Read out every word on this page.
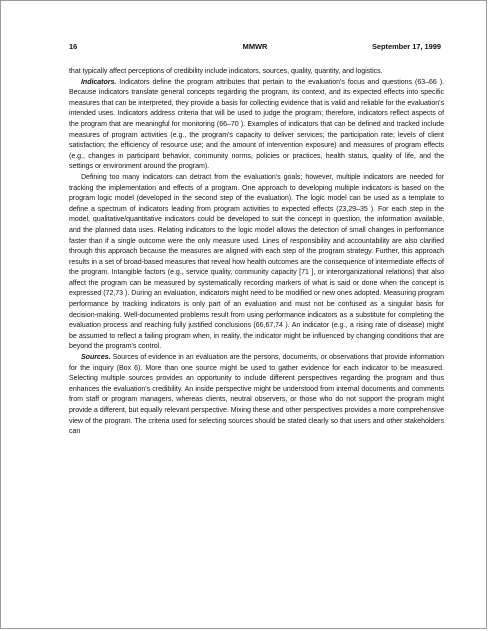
16	MMWR	September 17, 1999

that typically affect perceptions of credibility include indicators, sources, quality, quantity, and logistics.

Indicators. Indicators define the program attributes that pertain to the evaluation's focus and questions (63–66 ). Because indicators translate general concepts regarding the program, its context, and its expected effects into specific measures that can be interpreted, they provide a basis for collecting evidence that is valid and reliable for the evaluation's intended uses. Indicators address criteria that will be used to judge the program; therefore, indicators reflect aspects of the program that are meaningful for monitoring (66–70 ). Examples of indicators that can be defined and tracked include measures of program activities (e.g., the program's capacity to deliver services; the participation rate; levels of client satisfaction; the efficiency of resource use; and the amount of intervention exposure) and measures of program effects (e.g., changes in participant behavior, community norms, policies or practices, health status, quality of life, and the settings or environment around the program).

Defining too many indicators can detract from the evaluation's goals; however, multiple indicators are needed for tracking the implementation and effects of a program. One approach to developing multiple indicators is based on the program logic model (developed in the second step of the evaluation). The logic model can be used as a template to define a spectrum of indicators leading from program activities to expected effects (23,29–35 ). For each step in the model, qualitative/quantitative indicators could be developed to suit the concept in question, the information available, and the planned data uses. Relating indicators to the logic model allows the detection of small changes in performance faster than if a single outcome were the only measure used. Lines of responsibility and accountability are also clarified through this approach because the measures are aligned with each step of the program strategy. Further, this approach results in a set of broad-based measures that reveal how health outcomes are the consequence of intermediate effects of the program. Intangible factors (e.g., service quality, community capacity [71 ], or interorganizational relations) that also affect the program can be measured by systematically recording markers of what is said or done when the concept is expressed (72,73 ). During an evaluation, indicators might need to be modified or new ones adopted. Measuring program performance by tracking indicators is only part of an evaluation and must not be confused as a singular basis for decision-making. Well-documented problems result from using performance indicators as a substitute for completing the evaluation process and reaching fully justified conclusions (66,67,74 ). An indicator (e.g., a rising rate of disease) might be assumed to reflect a failing program when, in reality, the indicator might be influenced by changing conditions that are beyond the program's control.

Sources. Sources of evidence in an evaluation are the persons, documents, or observations that provide information for the inquiry (Box 6). More than one source might be used to gather evidence for each indicator to be measured. Selecting multiple sources provides an opportunity to include different perspectives regarding the program and thus enhances the evaluation's credibility. An inside perspective might be understood from internal documents and comments from staff or program managers, whereas clients, neutral observers, or those who do not support the program might provide a different, but equally relevant perspective. Mixing these and other perspectives provides a more comprehensive view of the program. The criteria used for selecting sources should be stated clearly so that users and other stakeholders can
